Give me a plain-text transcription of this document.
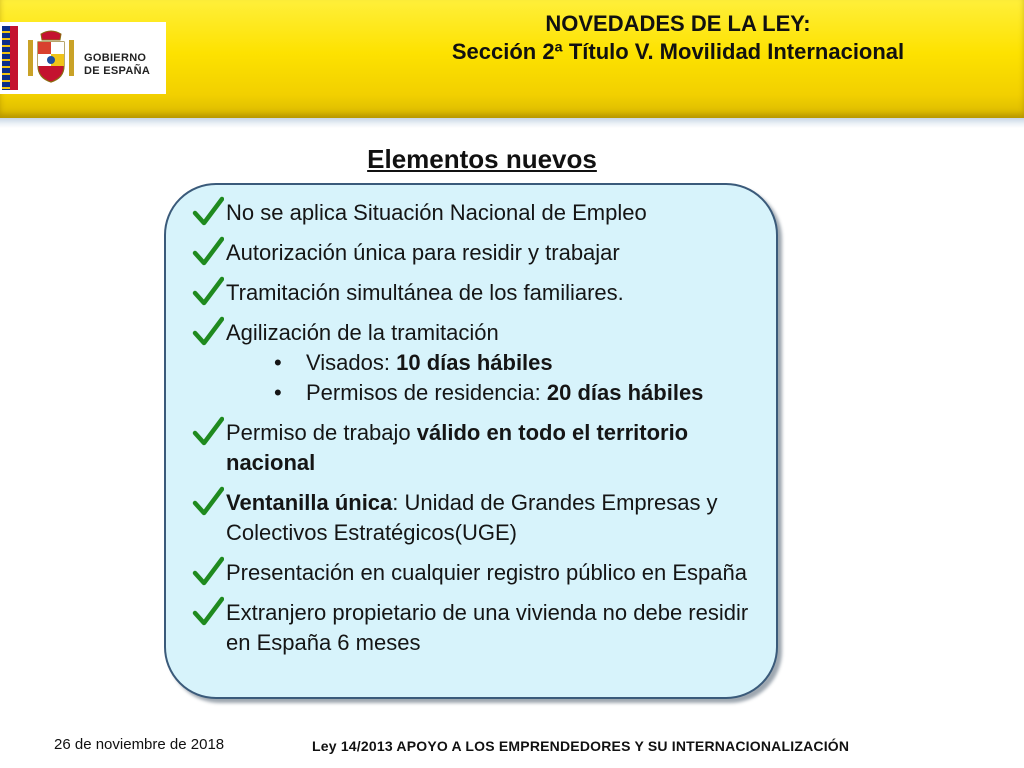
GOBIERNO
DE ESPAÑA
NOVEDADES DE LA LEY:
Sección 2ª Título V. Movilidad Internacional
Elementos nuevos
No se aplica Situación Nacional de Empleo
Autorización única para residir y trabajar
Tramitación simultánea de los familiares.
Agilización de la tramitación
• Visados: 10 días hábiles
• Permisos de residencia: 20 días hábiles
Permiso de trabajo válido en todo el territorio nacional
Ventanilla única: Unidad de Grandes Empresas y Colectivos Estratégicos(UGE)
Presentación en cualquier registro público en España
Extranjero propietario de una vivienda no debe residir en España 6 meses
26 de noviembre de 2018	Ley 14/2013 APOYO A LOS EMPRENDEDORES Y SU INTERNACIONALIZACIÓN
